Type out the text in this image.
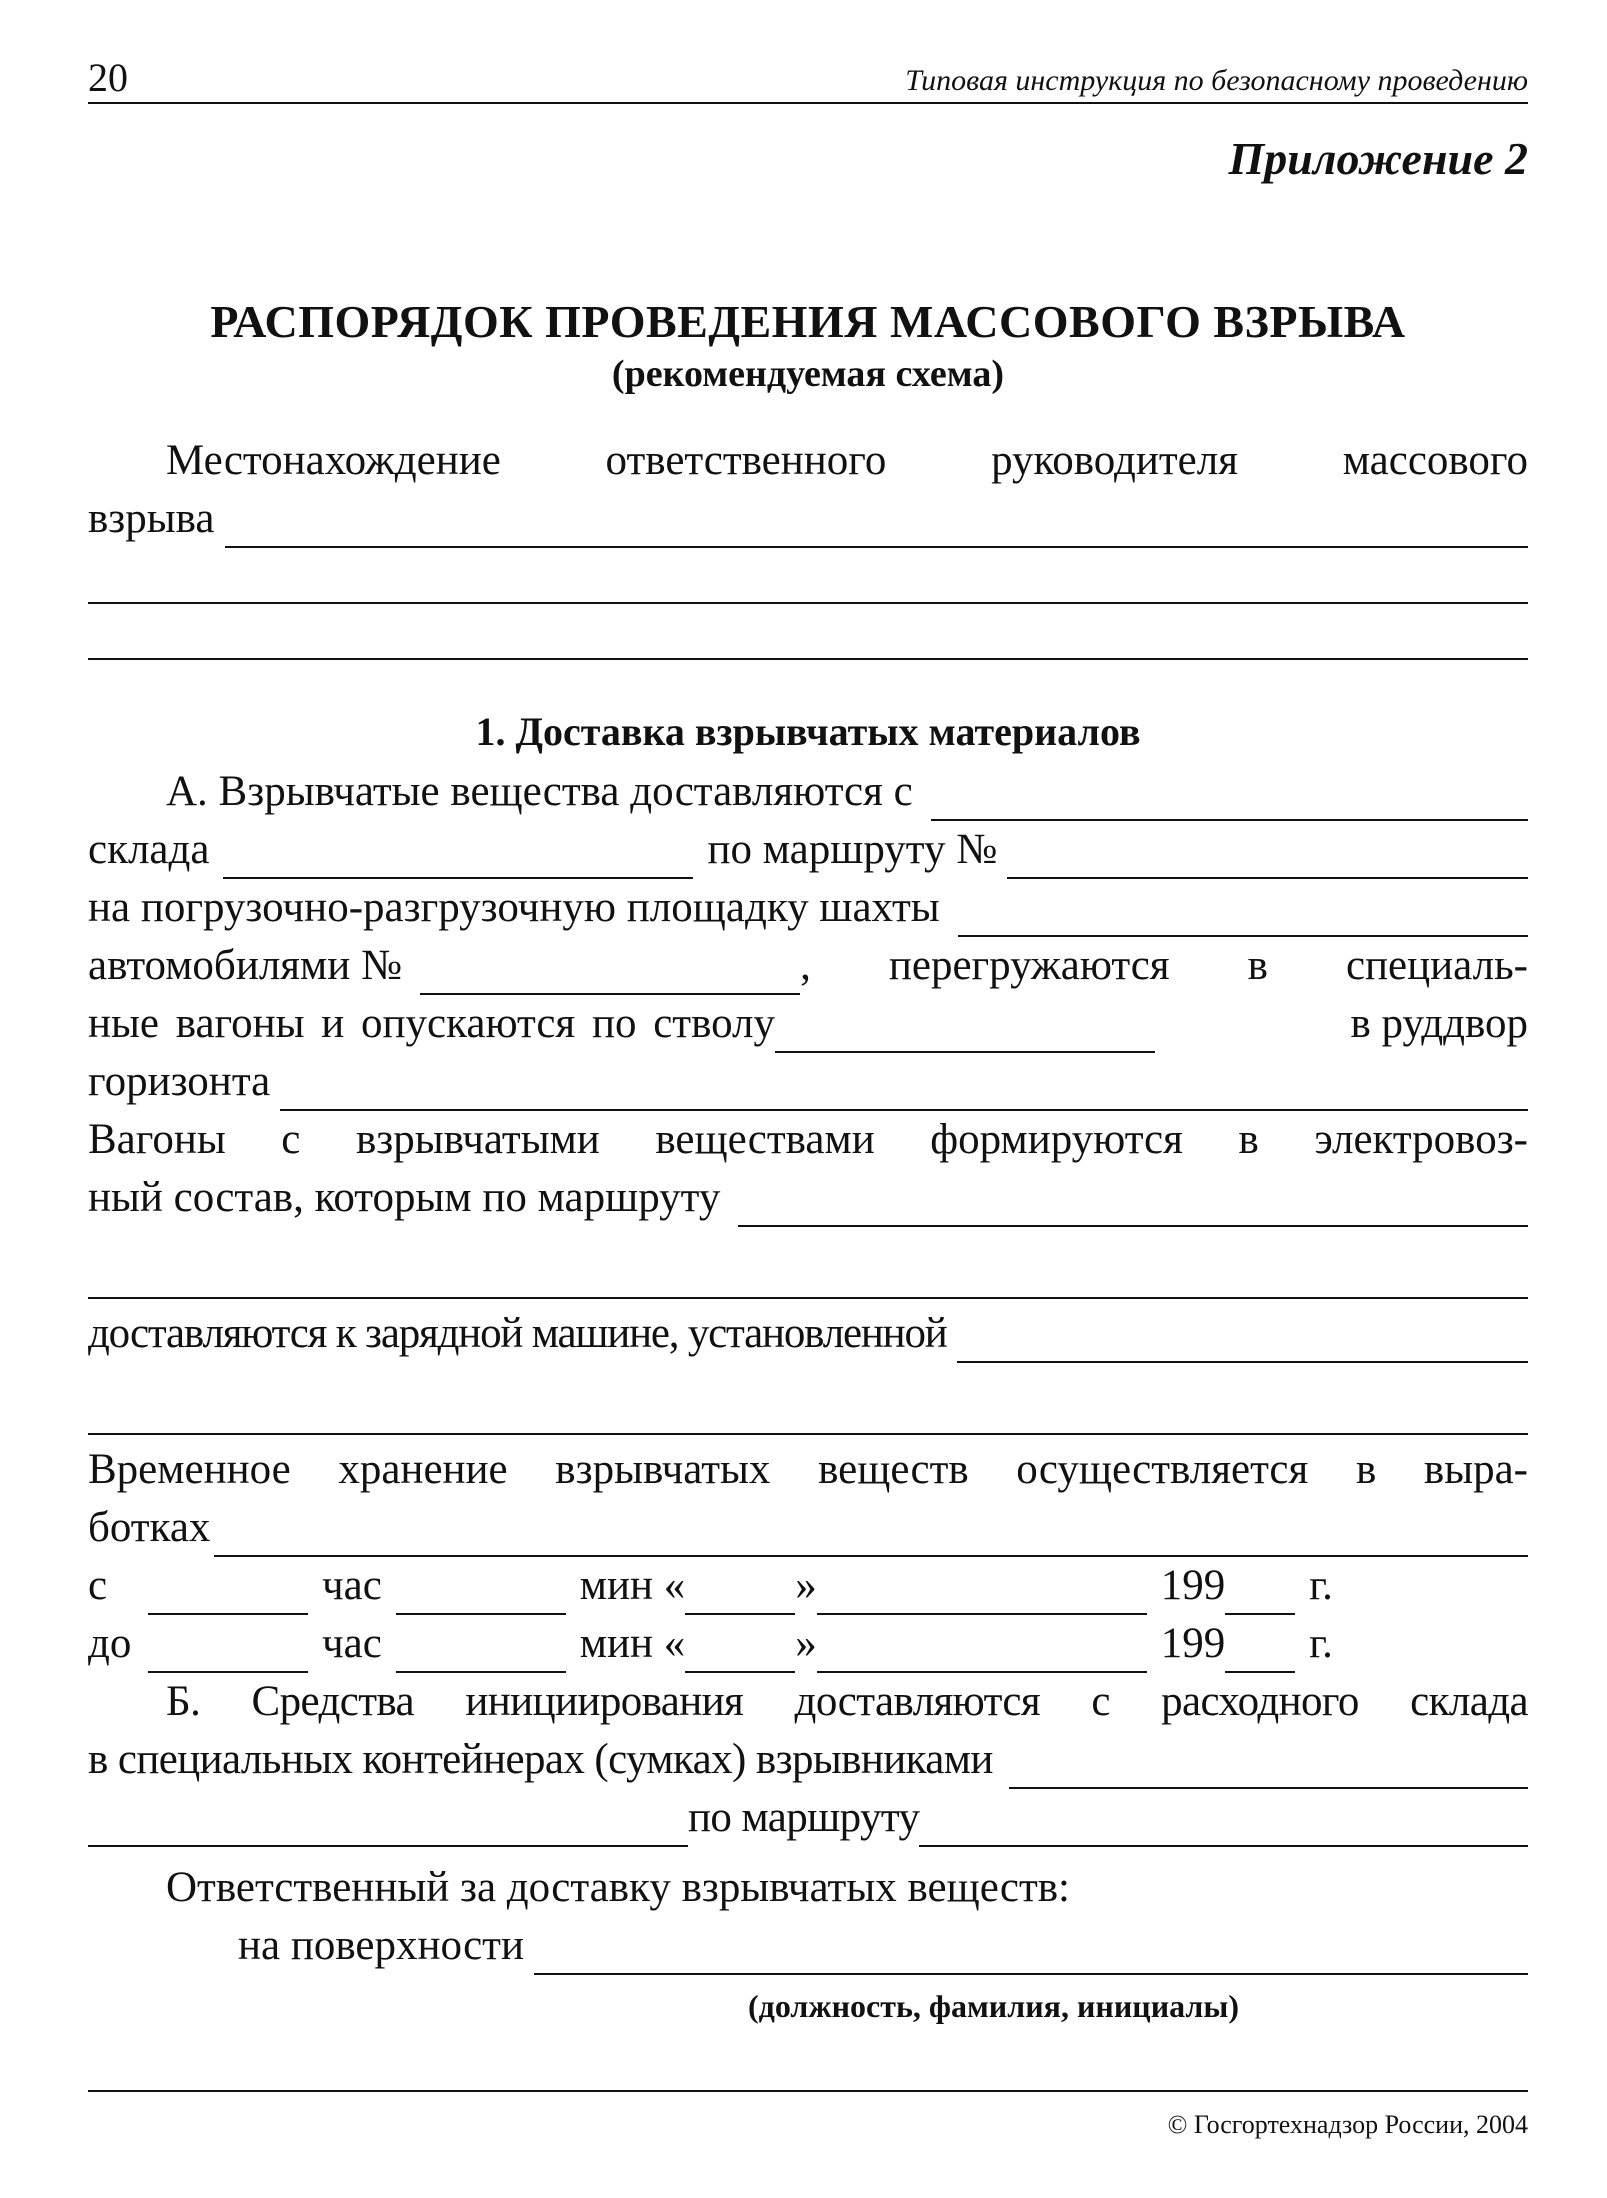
20	Типовая инструкция по безопасному проведению
Приложение 2
РАСПОРЯДОК ПРОВЕДЕНИЯ МАССОВОГО ВЗРЫВА
(рекомендуемая схема)
Местонахождение ответственного руководителя массового
взрыва
1. Доставка взрывчатых материалов
А. Взрывчатые вещества доставляются с
склада	по маршруту №
на погрузочно-разгрузочную площадку шахты
автомобилями №	, перегружаются в специаль-
ные вагоны и опускаются по стволу	в руддвор
горизонта
Вагоны с взрывчатыми веществами формируются в электровоз-
ный состав, которым по маршруту
доставляются к зарядной машине, установленной
Временное хранение взрывчатых веществ осуществляется в выра-
ботках
с	час	мин «	»	199 г.
до	час	мин «	»	199 г.
Б. Средства инициирования доставляются с расходного склада
в специальных контейнерах (сумках) взрывниками
по маршруту
Ответственный за доставку взрывчатых веществ:
на поверхности
(должность, фамилия, инициалы)
© Госгортехнадзор России, 2004
